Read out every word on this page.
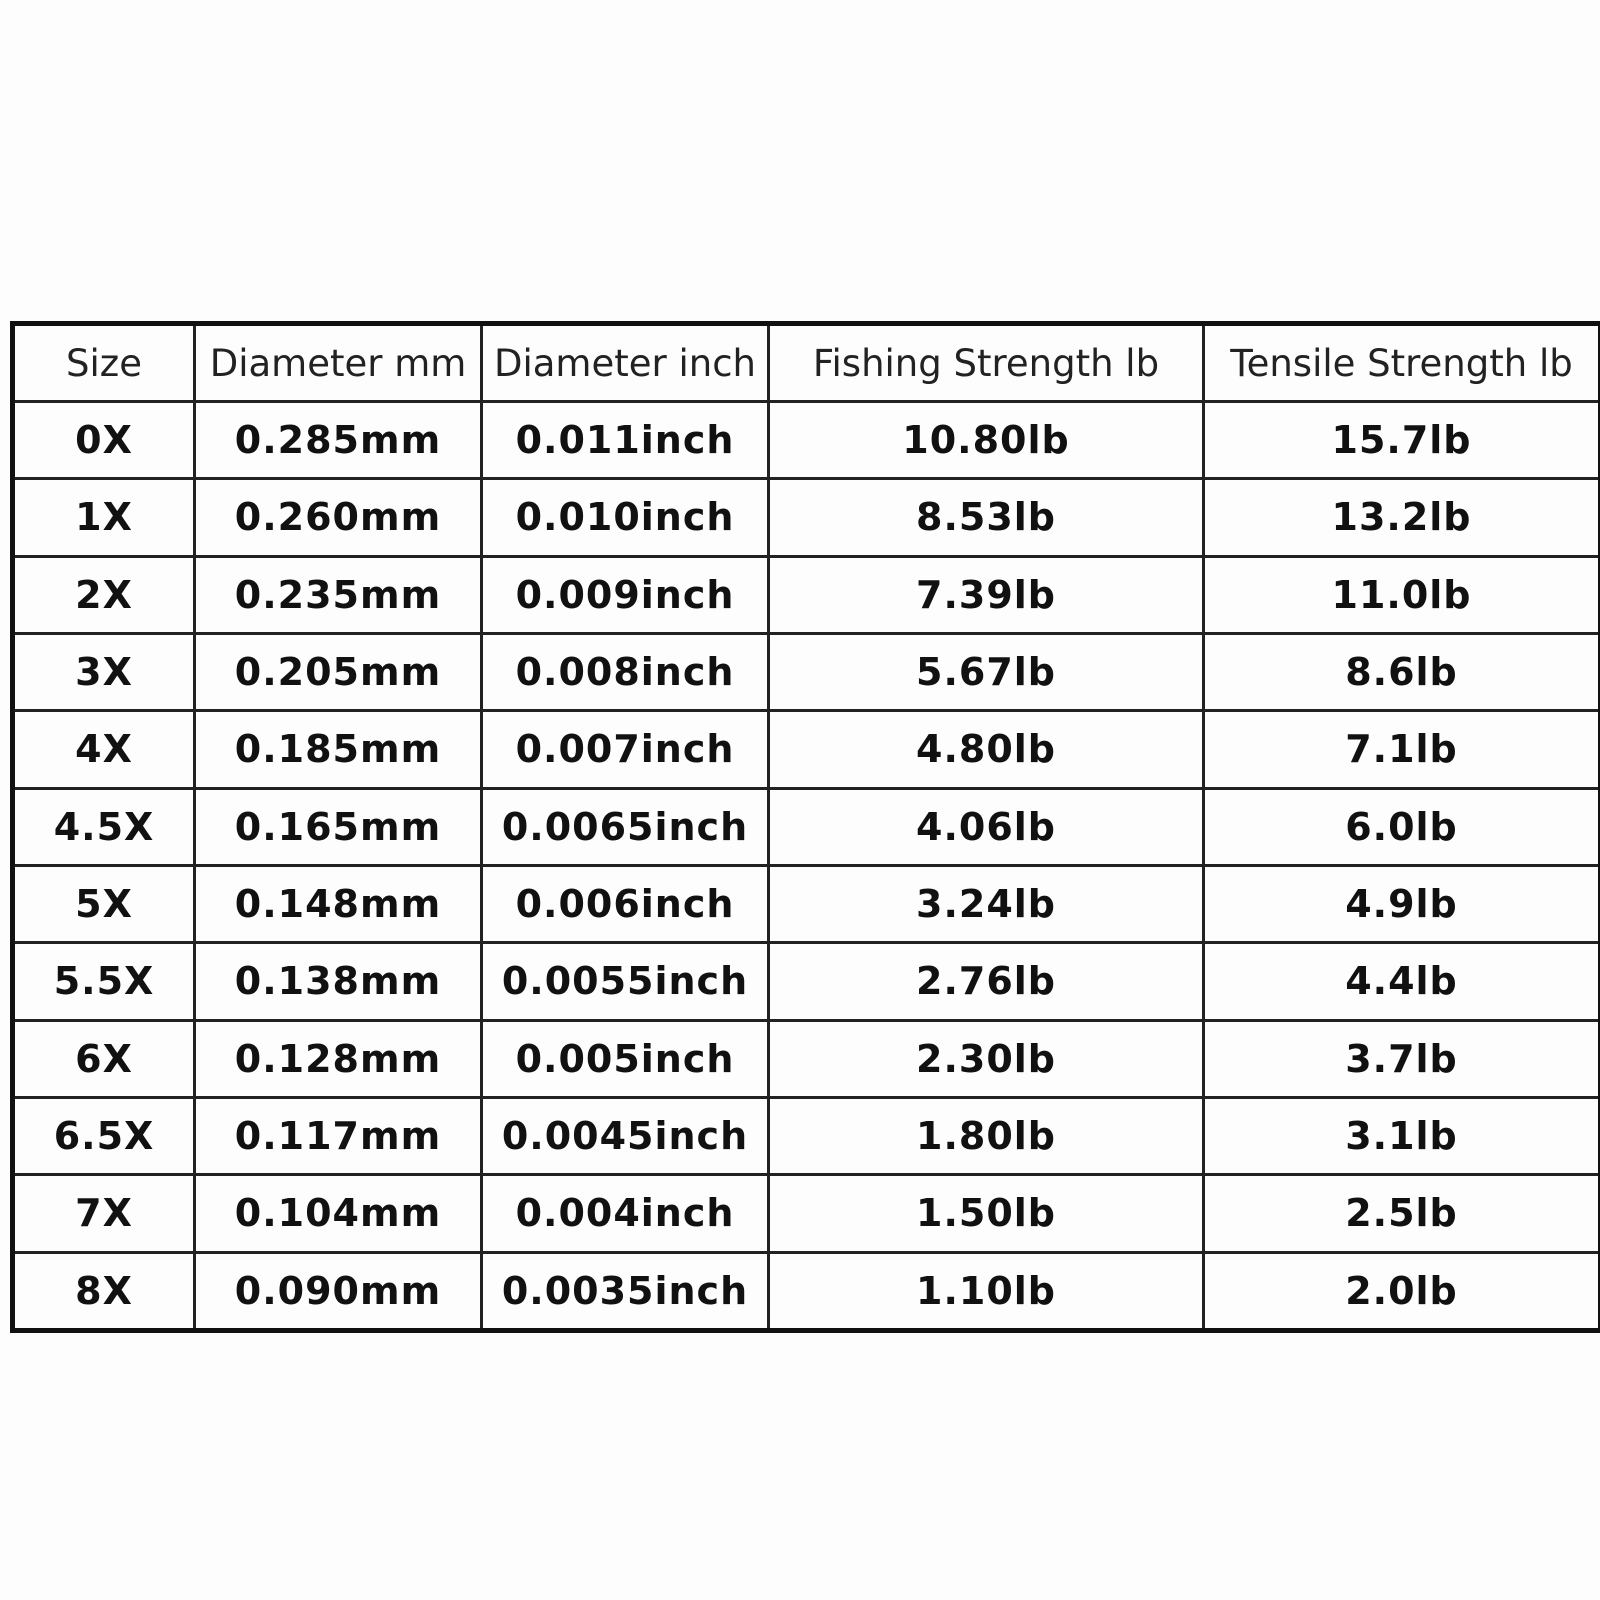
Size	Diameter mm	Diameter inch	Fishing Strength lb	Tensile Strength lb
0X	0.285mm	0.011inch	10.80lb	15.7lb
1X	0.260mm	0.010inch	8.53lb	13.2lb
2X	0.235mm	0.009inch	7.39lb	11.0lb
3X	0.205mm	0.008inch	5.67lb	8.6lb
4X	0.185mm	0.007inch	4.80lb	7.1lb
4.5X	0.165mm	0.0065inch	4.06lb	6.0lb
5X	0.148mm	0.006inch	3.24lb	4.9lb
5.5X	0.138mm	0.0055inch	2.76lb	4.4lb
6X	0.128mm	0.005inch	2.30lb	3.7lb
6.5X	0.117mm	0.0045inch	1.80lb	3.1lb
7X	0.104mm	0.004inch	1.50lb	2.5lb
8X	0.090mm	0.0035inch	1.10lb	2.0lb
